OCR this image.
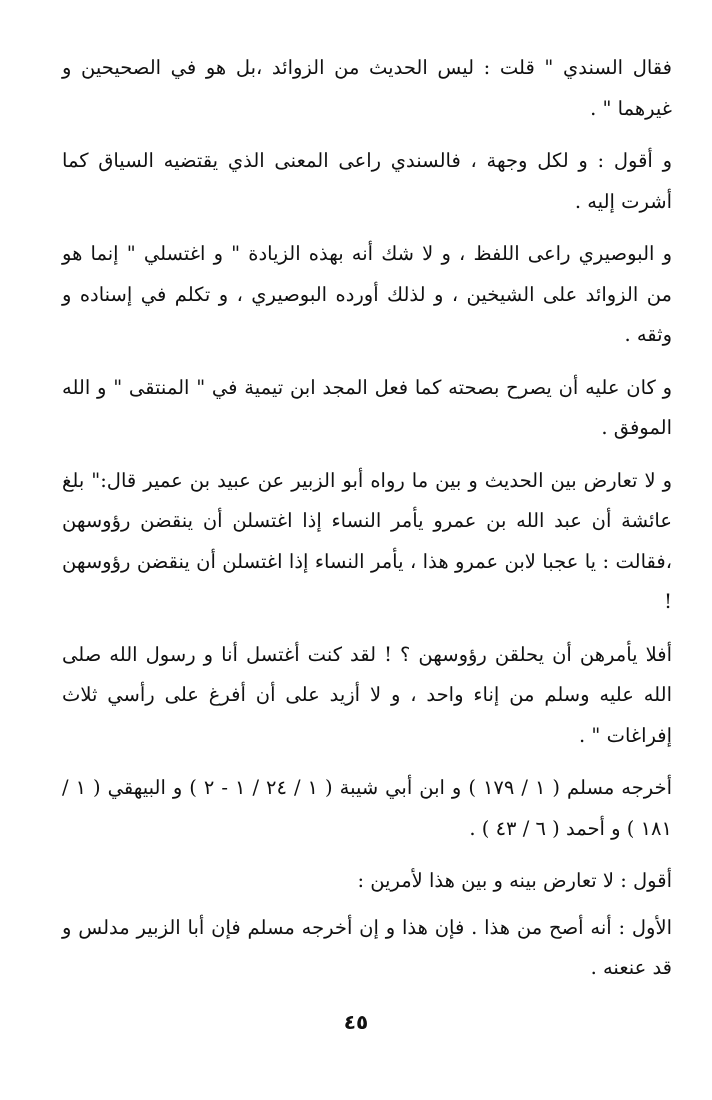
فقال السندي " قلت : ليس الحديث من الزوائد ،بل هو في الصحيحين و غيرهما " .

و أقول : و لكل وجهة ، فالسندي راعى المعنى الذي يقتضيه السياق كما أشرت إليه .

و البوصيري راعى اللفظ ، و لا شك أنه بهذه الزيادة " و اغتسلي " إنما هو من الزوائد على الشيخين ، و لذلك أورده البوصيري ، و تكلم في إسناده و وثقه .

و كان عليه أن يصرح بصحته كما فعل المجد ابن تيمية في " المنتقى " و الله الموفق .

و لا تعارض بين الحديث و بين ما رواه أبو الزبير عن عبيد بن عمير قال:" بلغ عائشة أن عبد الله بن عمرو يأمر النساء إذا اغتسلن أن ينقضن رؤوسهن ،فقالت : يا عجبا لابن عمرو هذا ، يأمر النساء إذا اغتسلن أن ينقضن رؤوسهن !

أفلا يأمرهن أن يحلقن رؤوسهن ؟ ! لقد كنت أغتسل أنا و رسول الله صلى الله عليه وسلم من إناء واحد ، و لا أزيد على أن أفرغ على رأسي ثلاث إفراغات " .

أخرجه مسلم ( ١ / ١٧٩ ) و ابن أبي شيبة ( ١ / ٢٤ / ١ - ٢ ) و البيهقي ( ١ / ١٨١ ) و أحمد ( ٦ / ٤٣ ) .

أقول : لا تعارض بينه و بين هذا لأمرين :

الأول : أنه أصح من هذا . فإن هذا و إن أخرجه مسلم فإن أبا الزبير مدلس و قد عنعنه .

٤٥
